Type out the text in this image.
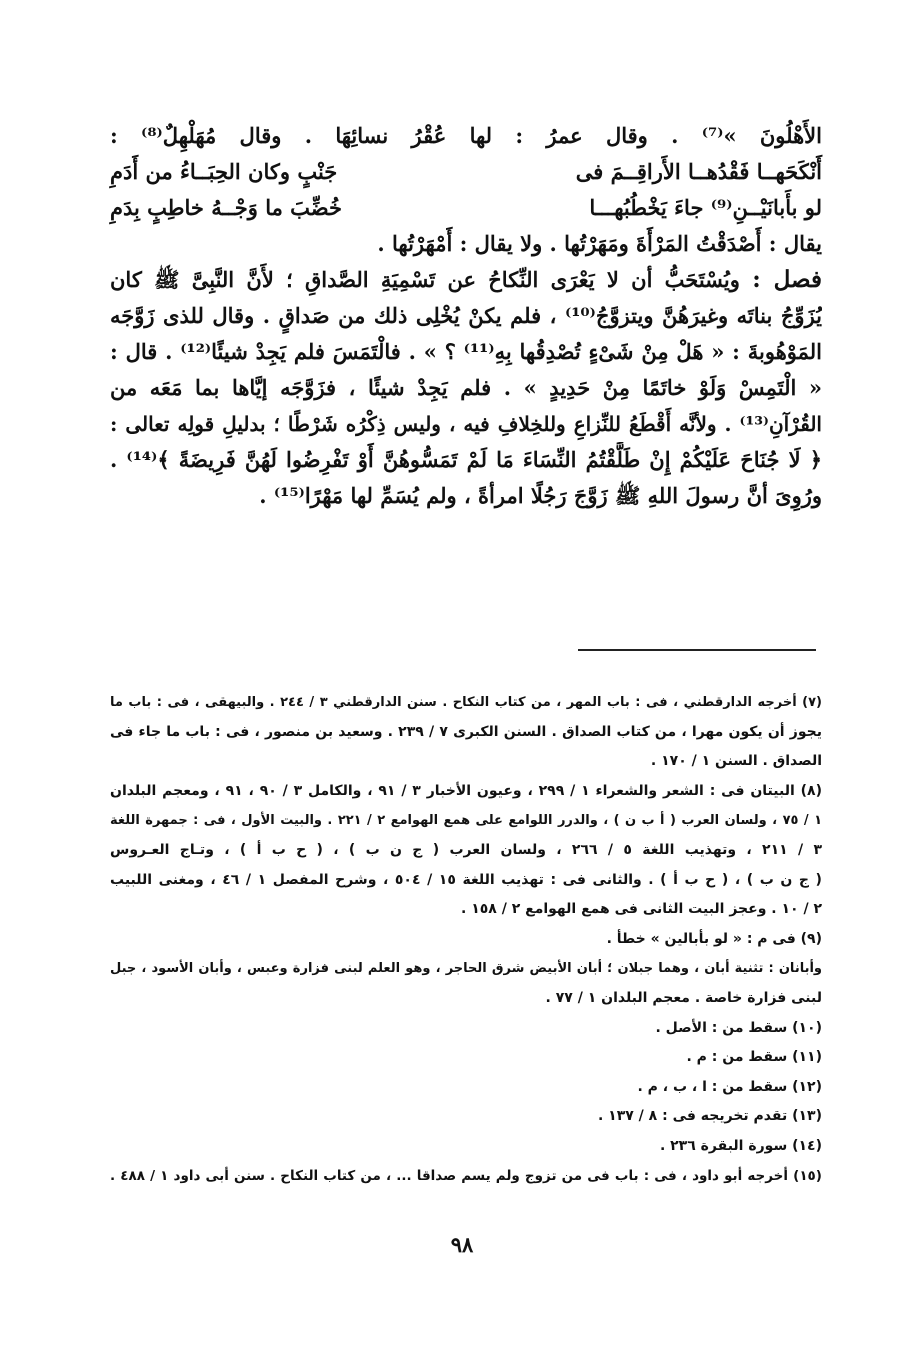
الأَهْلُونَ »⁽⁷⁾ . وقال عمرُ : لها عُقْرُ نسائِهَا . وقال مُهَلْهِلٌ⁽⁸⁾ :
أَنْكَحَهــا فَقْدُهــا الأَراقِــمَ فى
جَنْبٍ وكان الحِبَــاءُ من أَدَمِ
لو بأَبانَيْــنِ⁽⁹⁾ جاءَ يَخْطُبُهـــا
خُضِّبَ ما وَجْــهُ خاطِبٍ بِدَمِ
يقال : أَصْدَقْتُ المَرْأَةَ ومَهَرْتُها . ولا يقال : أَمْهَرْتُها .
فصل : ويُسْتَحَبُّ أن لا يَعْرَى النِّكاحُ عن تَسْمِيَةِ الصَّداقِ ؛ لأَنَّ النَّبِىَّ ﷺ كان
يُزَوِّجُ بناتَه وغيرَهُنَّ ويتزوَّجُ⁽¹⁰⁾ ، فلم يكنْ يُخْلِى ذلك من صَداقٍ . وقال للذى زَوَّجَه
المَوْهُوبةَ : « هَلْ مِنْ شَىْءٍ تُصْدِقُها بِهِ⁽¹¹⁾ ؟ » . فالْتَمَسَ فلم يَجِدْ شيئًا⁽¹²⁾ . قال :
« الْتَمِسْ وَلَوْ خاتَمًا مِنْ حَدِيدٍ » . فلم يَجِدْ شيئًا ، فزَوَّجَه إيَّاها بما مَعَه من
القُرْآنِ⁽¹³⁾ . ولأنَّه أَقْطَعُ للنِّزاعِ وللخِلافِ فيه ، وليس ذِكْرُه شَرْطًا ؛ بدليلِ قولِه تعالى :
﴿ لَا جُنَاحَ عَلَيْكُمْ إِنْ طَلَّقْتُمُ النِّسَاءَ مَا لَمْ تَمَسُّوهُنَّ أَوْ تَفْرِضُوا لَهُنَّ فَرِيضَةً ﴾⁽¹⁴⁾ .
ورُوِىَ أنَّ رسولَ اللهِ ﷺ زَوَّجَ رَجُلًا امرأةً ، ولم يُسَمِّ لها مَهْرًا⁽¹⁵⁾ .
(٧) أخرجه الدارقطني ، فى : باب المهر ، من كتاب النكاح . سنن الدارقطني ٣ / ٢٤٤ . والبيهقى ، فى : باب ما
يجوز أن يكون مهرا ، من كتاب الصداق . السنن الكبرى ٧ / ٢٣٩ . وسعيد بن منصور ، فى : باب ما جاء فى
الصداق . السنن ١ / ١٧٠ .
(٨) البيتان فى : الشعر والشعراء ١ / ٢٩٩ ، وعيون الأخبار ٣ / ٩١ ، والكامل ٣ / ٩٠ ، ٩١ ، ومعجم البلدان
١ / ٧٥ ، ولسان العرب ( أ ب ن ) ، والدرر اللوامع على همع الهوامع ٢ / ٢٢١ . والبيت الأول ، فى : جمهرة اللغة
٣ / ٢١١ ، وتهذيب اللغة ٥ / ٢٦٦ ، ولسان العرب ( ج ن ب ) ، ( ح ب أ ) ، وتـاج العـروس
( ج ن ب ) ، ( ح ب أ ) . والثانى فى : تهذيب اللغة ١٥ / ٥٠٤ ، وشرح المفصل ١ / ٤٦ ، ومغنى اللبيب
٢ / ١٠ . وعجز البيت الثانى فى همع الهوامع ٢ / ١٥٨ .
(٩) فى م : « لو بأبالين » خطأ .
وأبانان : تثنية أبان ، وهما جبلان ؛ أبان الأبيض شرق الحاجر ، وهو العلم لبنى فزارة وعبس ، وأبان الأسود ، جبل
لبنى فزارة خاصة . معجم البلدان ١ / ٧٧ .
(١٠) سقط من : الأصل .
(١١) سقط من : م .
(١٢) سقط من : ا ، ب ، م .
(١٣) تقدم تخريجه فى : ٨ / ١٣٧ .
(١٤) سورة البقرة ٢٣٦ .
(١٥) أخرجه أبو داود ، فى : باب فى من تزوج ولم يسم صداقا ... ، من كتاب النكاح . سنن أبى داود ١ / ٤٨٨ .
٩٨
